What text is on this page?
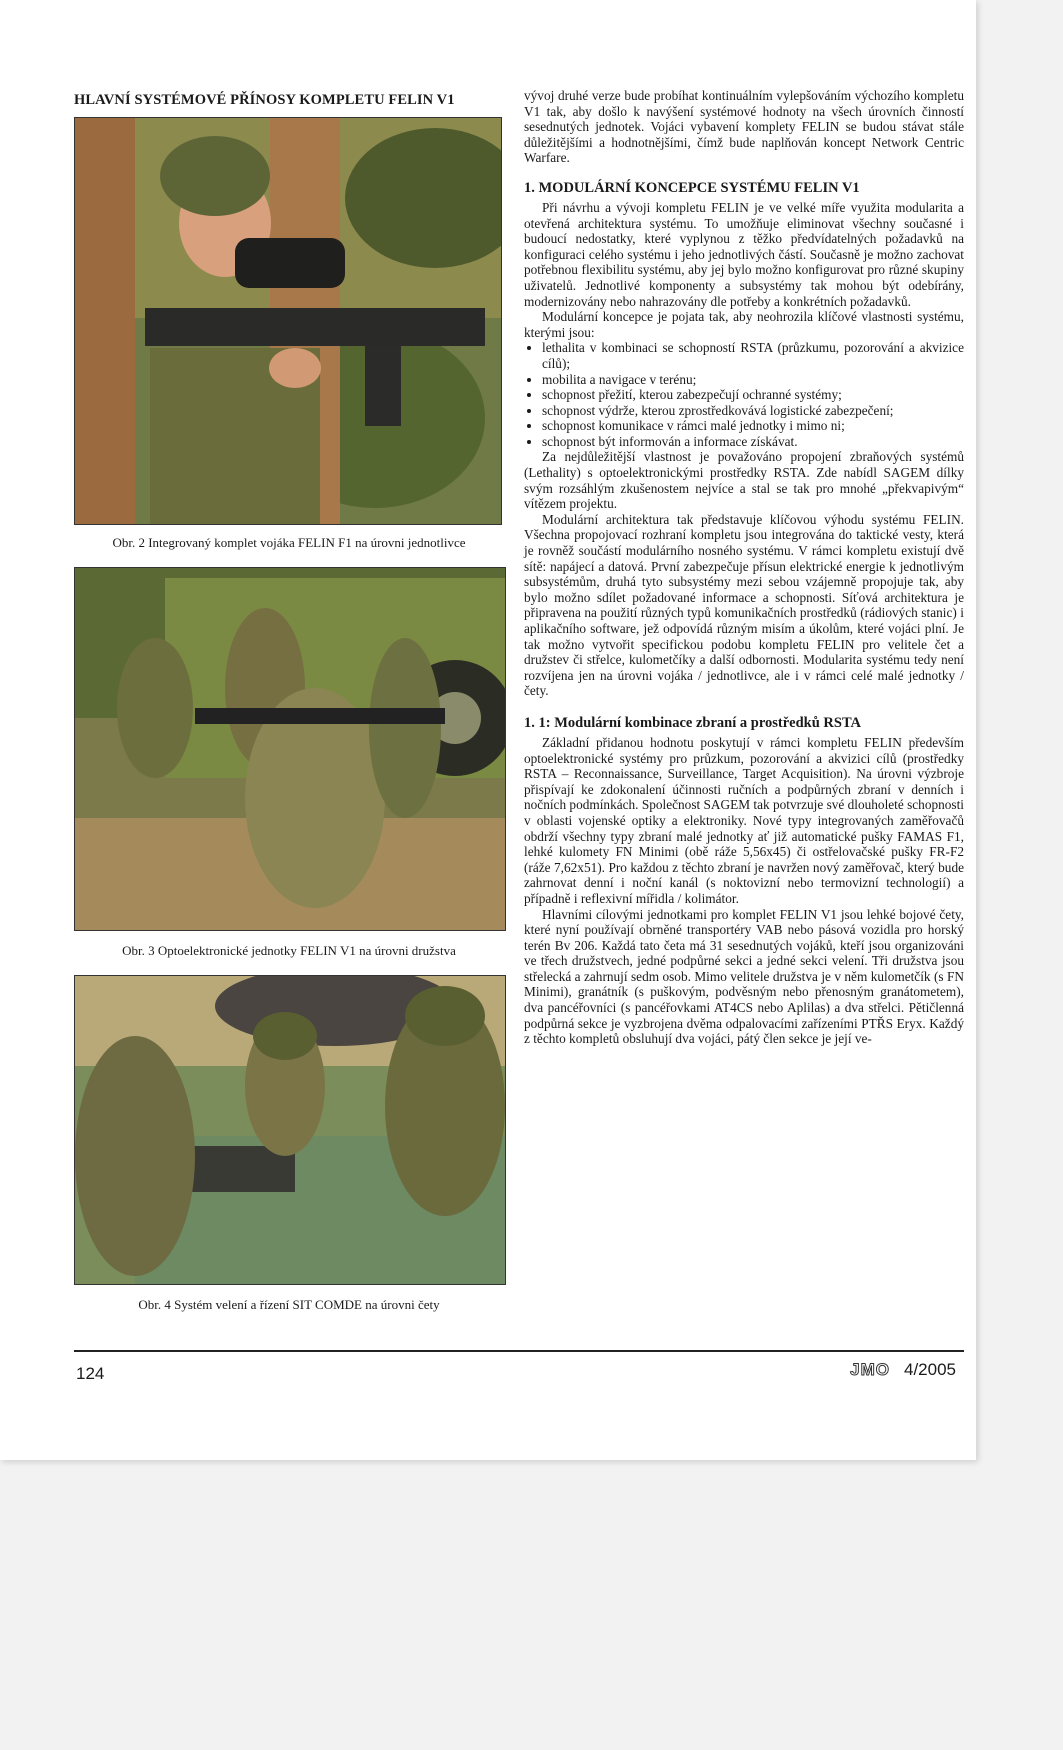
HLAVNÍ SYSTÉMOVÉ PŘÍNOSY KOMPLETU FELIN V1
Obr. 2 Integrovaný komplet vojáka FELIN F1 na úrovni jednotlivce
Obr. 3 Optoelektronické jednotky FELIN V1 na úrovni družstva
Obr. 4 Systém velení a řízení SIT COMDE na úrovni čety

vývoj druhé verze bude probíhat kontinuálním vylepšováním výchozího kompletu V1 tak, aby došlo k navýšení systémové hodnoty na všech úrovních činností sesednutých jednotek. Vojáci vybavení komplety FELIN se budou stávat stále důležitějšími a hodnotnějšími, čímž bude naplňován koncept Network Centric Warfare.

1. MODULÁRNÍ KONCEPCE SYSTÉMU FELIN V1

Při návrhu a vývoji kompletu FELIN je ve velké míře využita modularita a otevřená architektura systému. To umožňuje eliminovat všechny současné i budoucí nedostatky, které vyplynou z těžko předvídatelných požadavků na konfiguraci celého systému i jeho jednotlivých částí. Současně je možno zachovat potřebnou flexibilitu systému, aby jej bylo možno konfigurovat pro různé skupiny uživatelů. Jednotlivé komponenty a subsystémy tak mohou být odebírány, modernizovány nebo nahrazovány dle potřeby a konkrétních požadavků.

Modulární koncepce je pojata tak, aby neohrozila klíčové vlastnosti systému, kterými jsou:

• lethalita v kombinaci se schopností RSTA (průzkumu, pozorování a akvizice cílů);
• mobilita a navigace v terénu;
• schopnost přežití, kterou zabezpečují ochranné systémy;
• schopnost výdrže, kterou zprostředkovává logistické zabezpečení;
• schopnost komunikace v rámci malé jednotky i mimo ni;
• schopnost být informován a informace získávat.

Za nejdůležitější vlastnost je považováno propojení zbraňových systémů (Lethality) s optoelektronickými prostředky RSTA. Zde nabídl SAGEM dílky svým rozsáhlým zkušenostem nejvíce a stal se tak pro mnohé „překvapivým“ vítězem projektu.

Modulární architektura tak představuje klíčovou výhodu systému FELIN. Všechna propojovací rozhraní kompletu jsou integrována do taktické vesty, která je rovněž součástí modulárního nosného systému. V rámci kompletu existují dvě sítě: napájecí a datová. První zabezpečuje přísun elektrické energie k jednotlivým subsystémům, druhá tyto subsystémy mezi sebou vzájemně propojuje tak, aby bylo možno sdílet požadované informace a schopnosti. Síťová architektura je připravena na použití různých typů komunikačních prostředků (rádiových stanic) i aplikačního software, jež odpovídá různým misím a úkolům, které vojáci plní. Je tak možno vytvořit specifickou podobu kompletu FELIN pro velitele čet a družstev či střelce, kulometčíky a další odbornosti. Modularita systému tedy není rozvíjena jen na úrovni vojáka / jednotlivce, ale i v rámci celé malé jednotky / čety.

1. 1: Modulární kombinace zbraní a prostředků RSTA

Základní přidanou hodnotu poskytují v rámci kompletu FELIN především optoelektronické systémy pro průzkum, pozorování a akvizici cílů (prostředky RSTA – Reconnaissance, Surveillance, Target Acquisition). Na úrovni výzbroje přispívají ke zdokonalení účinnosti ručních a podpůrných zbraní v denních i nočních podmínkách. Společnost SAGEM tak potvrzuje své dlouholeté schopnosti v oblasti vojenské optiky a elektroniky. Nové typy integrovaných zaměřovačů obdrží všechny typy zbraní malé jednotky ať již automatické pušky FAMAS F1, lehké kulomety FN Minimi (obě ráže 5,56x45) či ostřelovačské pušky FR-F2 (ráže 7,62x51). Pro každou z těchto zbraní je navržen nový zaměřovač, který bude zahrnovat denní i noční kanál (s noktovizní nebo termovizní technologií) a případně i reflexivní mířidla / kolimátor.

Hlavními cílovými jednotkami pro komplet FELIN V1 jsou lehké bojové čety, které nyní používají obrněné transportéry VAB nebo pásová vozidla pro horský terén Bv 206. Každá tato četa má 31 sesednutých vojáků, kteří jsou organizováni ve třech družstvech, jedné podpůrné sekci a jedné sekci velení. Tři družstva jsou střelecká a zahrnují sedm osob. Mimo velitele družstva je v něm kulometčík (s FN Minimi), granátník (s puškovým, podvěsným nebo přenosným granátometem), dva pancéřovníci (s pancéřovkami AT4CS nebo Aplilas) a dva střelci. Pětičlenná podpůrná sekce je vyzbrojena dvěma odpalovacími zařízeními PTŘS Eryx. Každý z těchto kompletů obsluhují dva vojáci, pátý člen sekce je její ve-

124	JMO 4/2005
